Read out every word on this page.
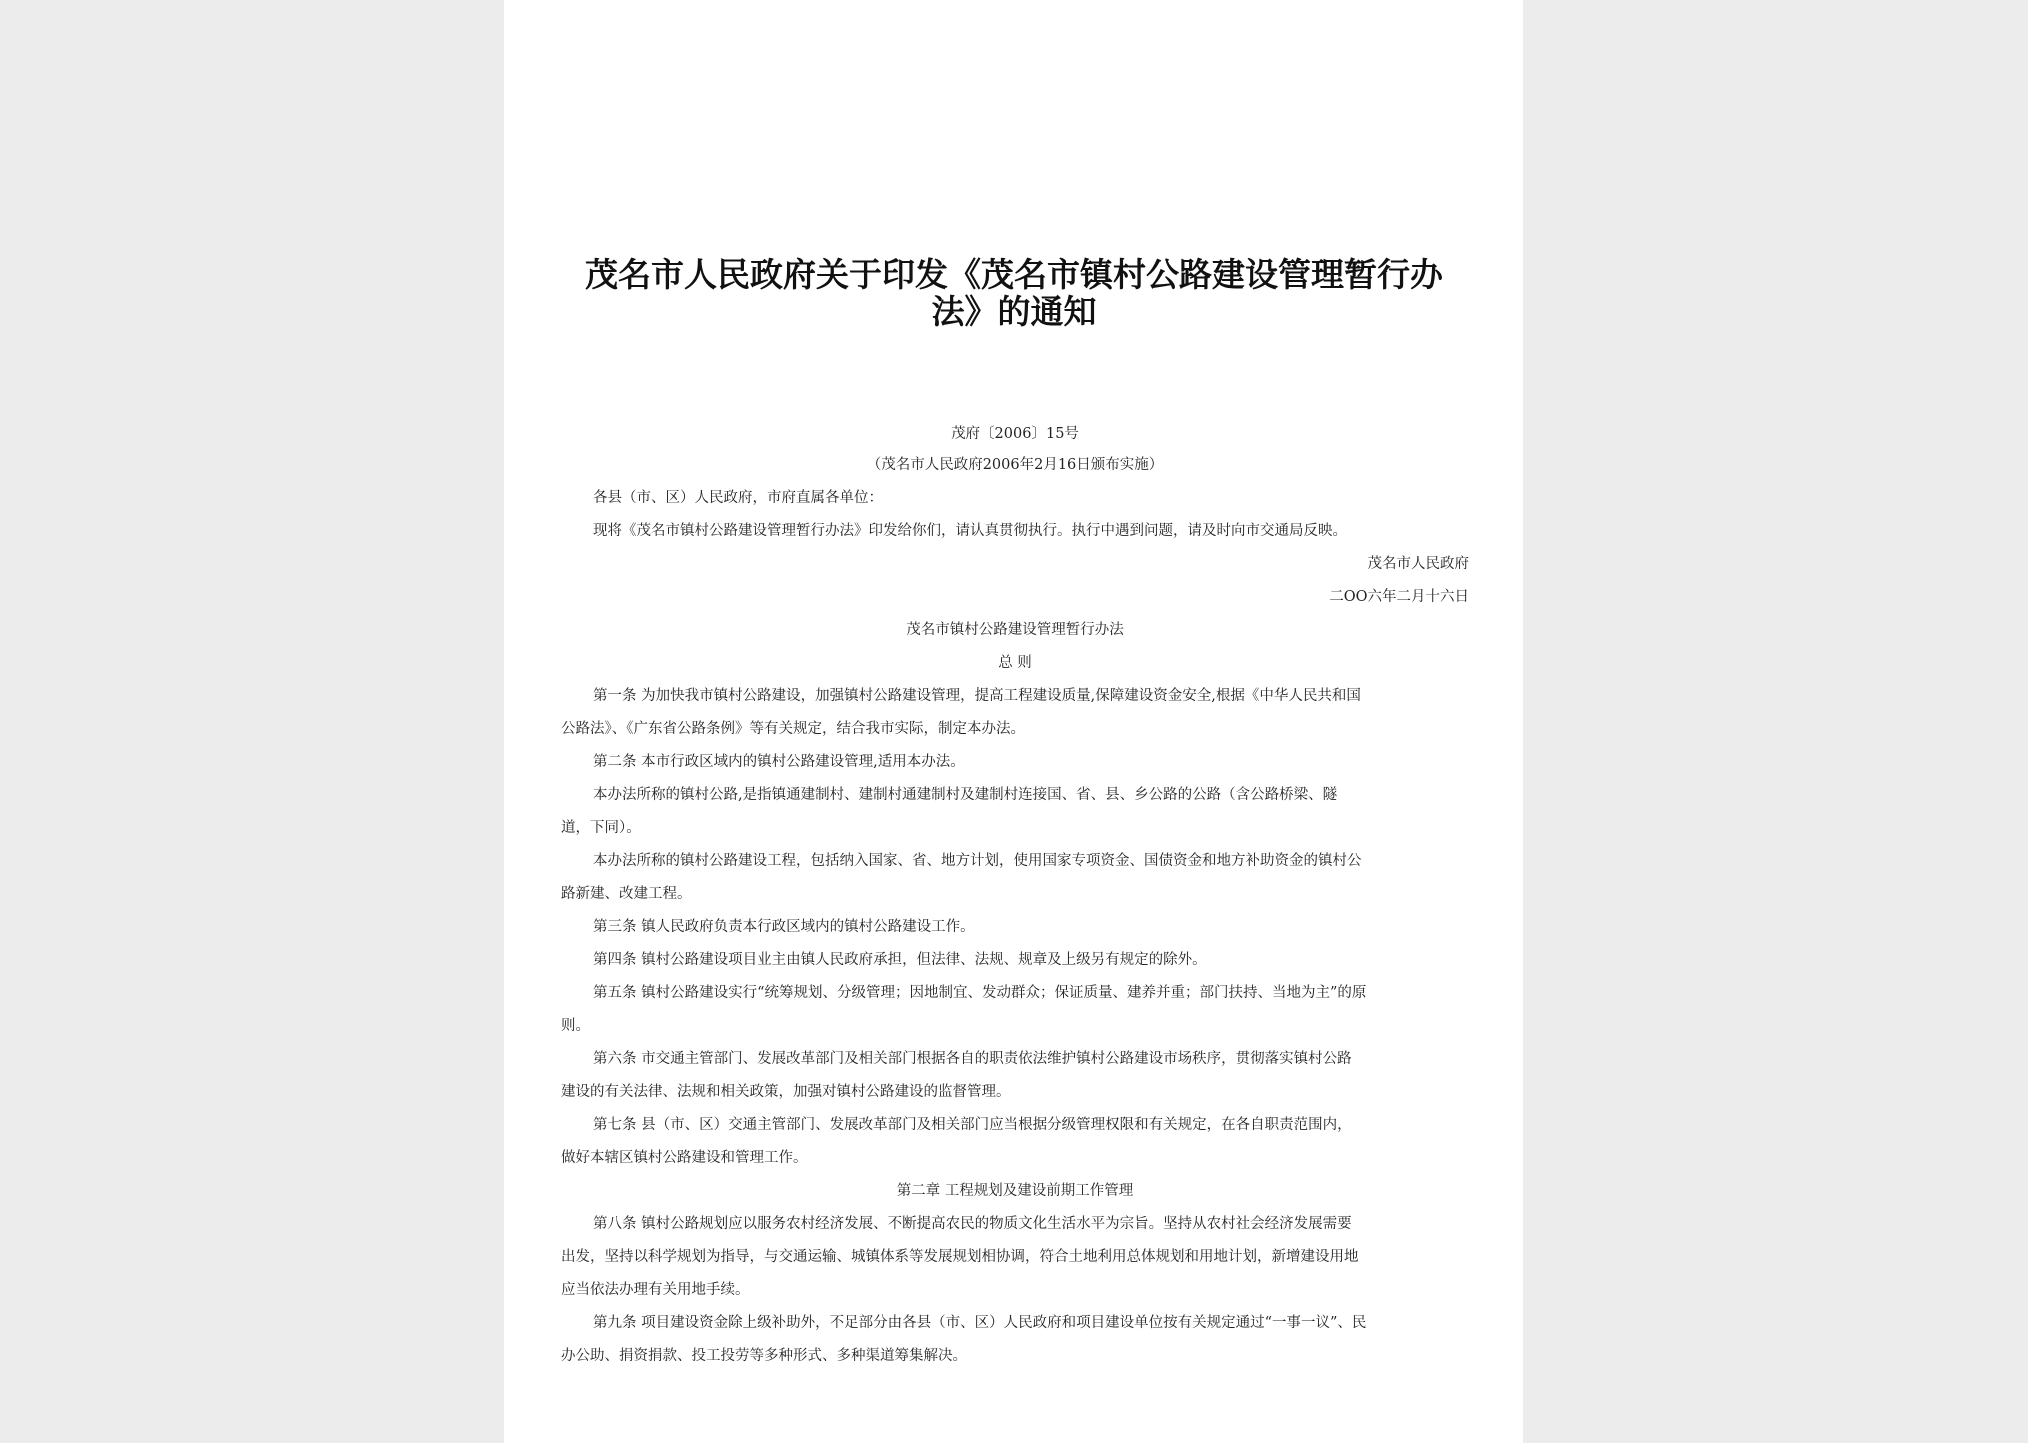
茂名市人民政府关于印发《茂名市镇村公路建设管理暂行办法》的通知

茂府〔2006〕15号

（茂名市人民政府2006年2月16日颁布实施）

各县（市、区）人民政府，市府直属各单位：

现将《茂名市镇村公路建设管理暂行办法》印发给你们，请认真贯彻执行。执行中遇到问题，请及时向市交通局反映。

茂名市人民政府

二OO六年二月十六日

茂名市镇村公路建设管理暂行办法

总 则

第一条 为加快我市镇村公路建设，加强镇村公路建设管理，提高工程建设质量,保障建设资金安全,根据《中华人民共和国

公路法》、《广东省公路条例》等有关规定，结合我市实际，制定本办法。

第二条 本市行政区域内的镇村公路建设管理,适用本办法。

本办法所称的镇村公路,是指镇通建制村、建制村通建制村及建制村连接国、省、县、乡公路的公路（含公路桥梁、隧

道，下同）。

本办法所称的镇村公路建设工程，包括纳入国家、省、地方计划，使用国家专项资金、国债资金和地方补助资金的镇村公

路新建、改建工程。

第三条 镇人民政府负责本行政区域内的镇村公路建设工作。

第四条 镇村公路建设项目业主由镇人民政府承担，但法律、法规、规章及上级另有规定的除外。

第五条 镇村公路建设实行“统筹规划、分级管理；因地制宜、发动群众；保证质量、建养并重；部门扶持、当地为主”的原

则。

第六条 市交通主管部门、发展改革部门及相关部门根据各自的职责依法维护镇村公路建设市场秩序，贯彻落实镇村公路

建设的有关法律、法规和相关政策，加强对镇村公路建设的监督管理。

第七条 县（市、区）交通主管部门、发展改革部门及相关部门应当根据分级管理权限和有关规定，在各自职责范围内，

做好本辖区镇村公路建设和管理工作。

第二章 工程规划及建设前期工作管理

第八条 镇村公路规划应以服务农村经济发展、不断提高农民的物质文化生活水平为宗旨。坚持从农村社会经济发展需要

出发，坚持以科学规划为指导，与交通运输、城镇体系等发展规划相协调，符合土地利用总体规划和用地计划，新增建设用地

应当依法办理有关用地手续。

第九条 项目建设资金除上级补助外，不足部分由各县（市、区）人民政府和项目建设单位按有关规定通过“一事一议”、民

办公助、捐资捐款、投工投劳等多种形式、多种渠道筹集解决。
